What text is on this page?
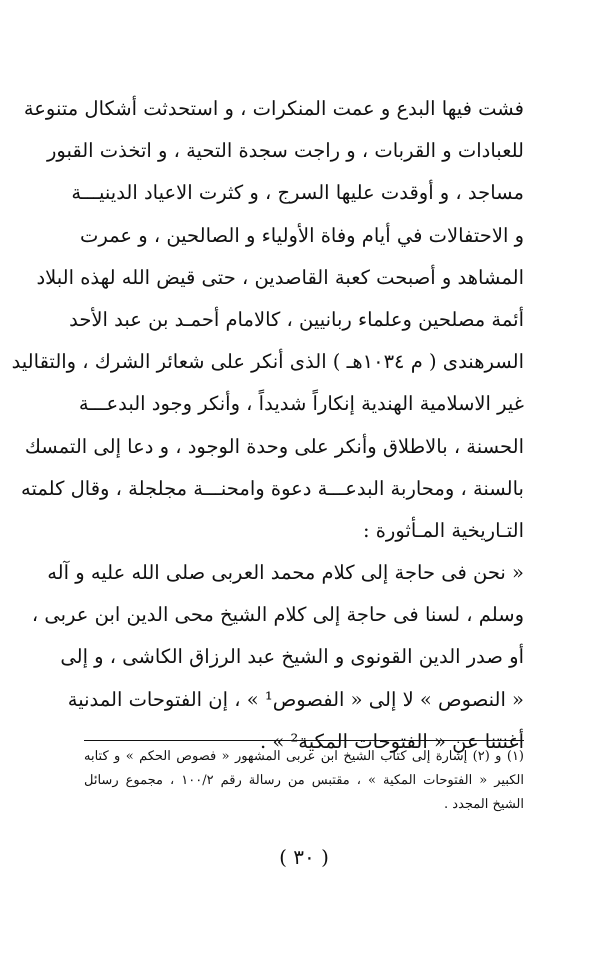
فشت فيها البدع و عمت المنكرات ، و استحدثت أشكال متنوعة
للعبادات و القربات ، و راجت سجدة التحية ، و اتخذت القبور
مساجد ، و أوقدت عليها السرج ، و كثرت الاعياد الدينيـــة
و الاحتفالات في أيام وفاة الأولياء و الصالحين ، و عمرت
المشاهد و أصبحت كعبة القاصدين ، حتى قيض الله لهذه البلاد
أئمة مصلحين وعلماء ربانيين ، كالامام أحمـد بن عبد الأحد
السرهندى ( م ١٠٣٤هـ ) الذى أنكر على شعائر الشرك ، والتقاليد
غير الاسلامية الهندية إنكاراً شديداً ، وأنكر وجود البدعـــة
الحسنة ، بالاطلاق وأنكر على وحدة الوجود ، و دعا إلى التمسك
بالسنة ، ومحاربة البدعـــة دعوة وامحنـــة مجلجلة ، وقال كلمته
التـاريخية المـأثورة :
« نحن فى حاجة إلى كلام محمد العربى صلى الله عليه و آله
وسلم ، لسنا فى حاجة إلى كلام الشيخ محى الدين ابن عربى ،
أو صدر الدين القونوى و الشيخ عبد الرزاق الكاشى ، و إلى
« النصوص » لا إلى « الفصوص¹ » ، إن الفتوحات المدنية
أغنتنا عن « الفتوحات المكية² » .
(١) و (٢) إشارة إلى كتاب الشيخ ابن عربى المشهور « فصوص الحكم » و كتابه
الكبير « الفتوحات المكية » ، مقتبس من رسالة رقم ١٠٠/٢ ، مجموع رسائل
الشيخ المجدد .
( ٣٠ )
